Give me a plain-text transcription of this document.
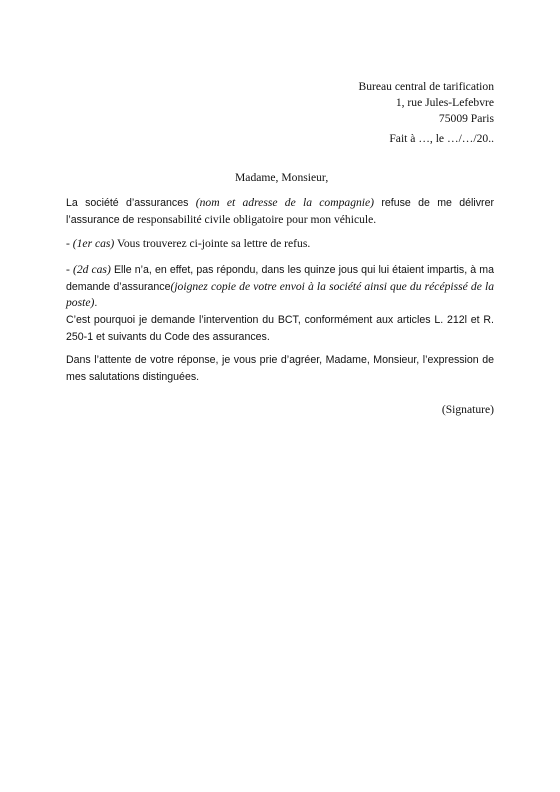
Bureau central de tarification
1, rue Jules-Lefebvre
75009 Paris
Fait à …, le …/…/20..
Madame, Monsieur,
La société d’assurances (nom et adresse de la compagnie) refuse de me délivrer l’assurance de responsabilité civile obligatoire pour mon véhicule.
- (1er cas) Vous trouverez ci-jointe sa lettre de refus.
- (2d cas) Elle n’a, en effet, pas répondu, dans les quinze jous qui lui étaient impartis, à ma demande d’assurance(joignez copie de votre envoi à la société ainsi que du récépissé de la poste).
C’est pourquoi je demande l’intervention du BCT, conformément aux articles L. 212l et R. 250-1 et suivants du Code des assurances.
Dans l’attente de votre réponse, je vous prie d’agréer, Madame, Monsieur, l’expression de mes salutations distinguées.
(Signature)
